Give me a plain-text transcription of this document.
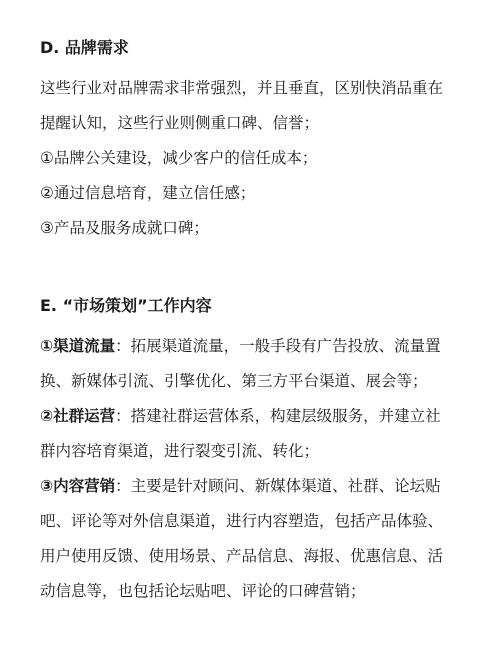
D. 品牌需求
这些行业对品牌需求非常强烈，并且垂直，区别快消品重在
提醒认知，这些行业则侧重口碑、信誉；
①品牌公关建设，减少客户的信任成本；
②通过信息培育，建立信任感；
③产品及服务成就口碑；
E. “市场策划”工作内容
①渠道流量：拓展渠道流量，一般手段有广告投放、流量置
换、新媒体引流、引擎优化、第三方平台渠道、展会等；
②社群运营：搭建社群运营体系，构建层级服务，并建立社
群内容培育渠道，进行裂变引流、转化；
③内容营销：主要是针对顾问、新媒体渠道、社群、论坛贴
吧、评论等对外信息渠道，进行内容塑造，包括产品体验、
用户使用反馈、使用场景、产品信息、海报、优惠信息、活
动信息等，也包括论坛贴吧、评论的口碑营销；
